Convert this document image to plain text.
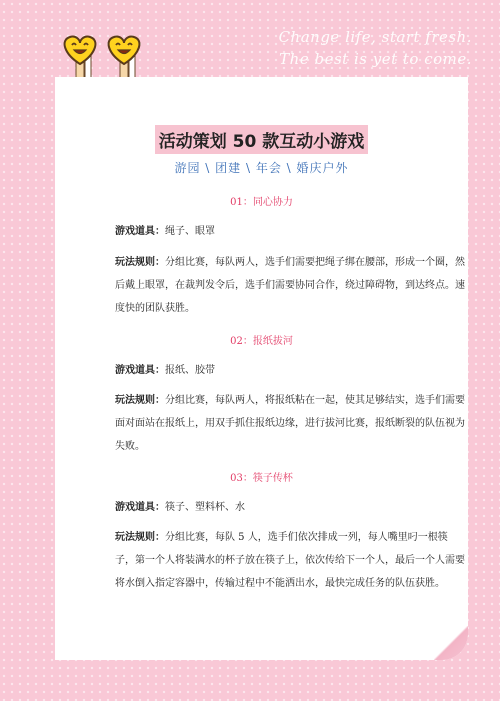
Change life, start fresh.
The best is yet to come.
活动策划 50 款互动小游戏
游园 \ 团建 \ 年会 \ 婚庆户外
01：同心协力
游戏道具：绳子、眼罩
玩法规则：分组比赛，每队两人，选手们需要把绳子绑在腰部，形成一个圈，然后戴上眼罩，在裁判发令后，选手们需要协同合作，绕过障碍物，到达终点。速度快的团队获胜。
02：报纸拔河
游戏道具：报纸、胶带
玩法规则：分组比赛，每队两人，将报纸粘在一起，使其足够结实，选手们需要面对面站在报纸上，用双手抓住报纸边缘，进行拔河比赛，报纸断裂的队伍视为失败。
03：筷子传杯
游戏道具：筷子、塑料杯、水
玩法规则：分组比赛，每队 5 人，选手们依次排成一列，每人嘴里叼一根筷子，第一个人将装满水的杯子放在筷子上，依次传给下一个人，最后一个人需要将水倒入指定容器中，传输过程中不能洒出水，最快完成任务的队伍获胜。
